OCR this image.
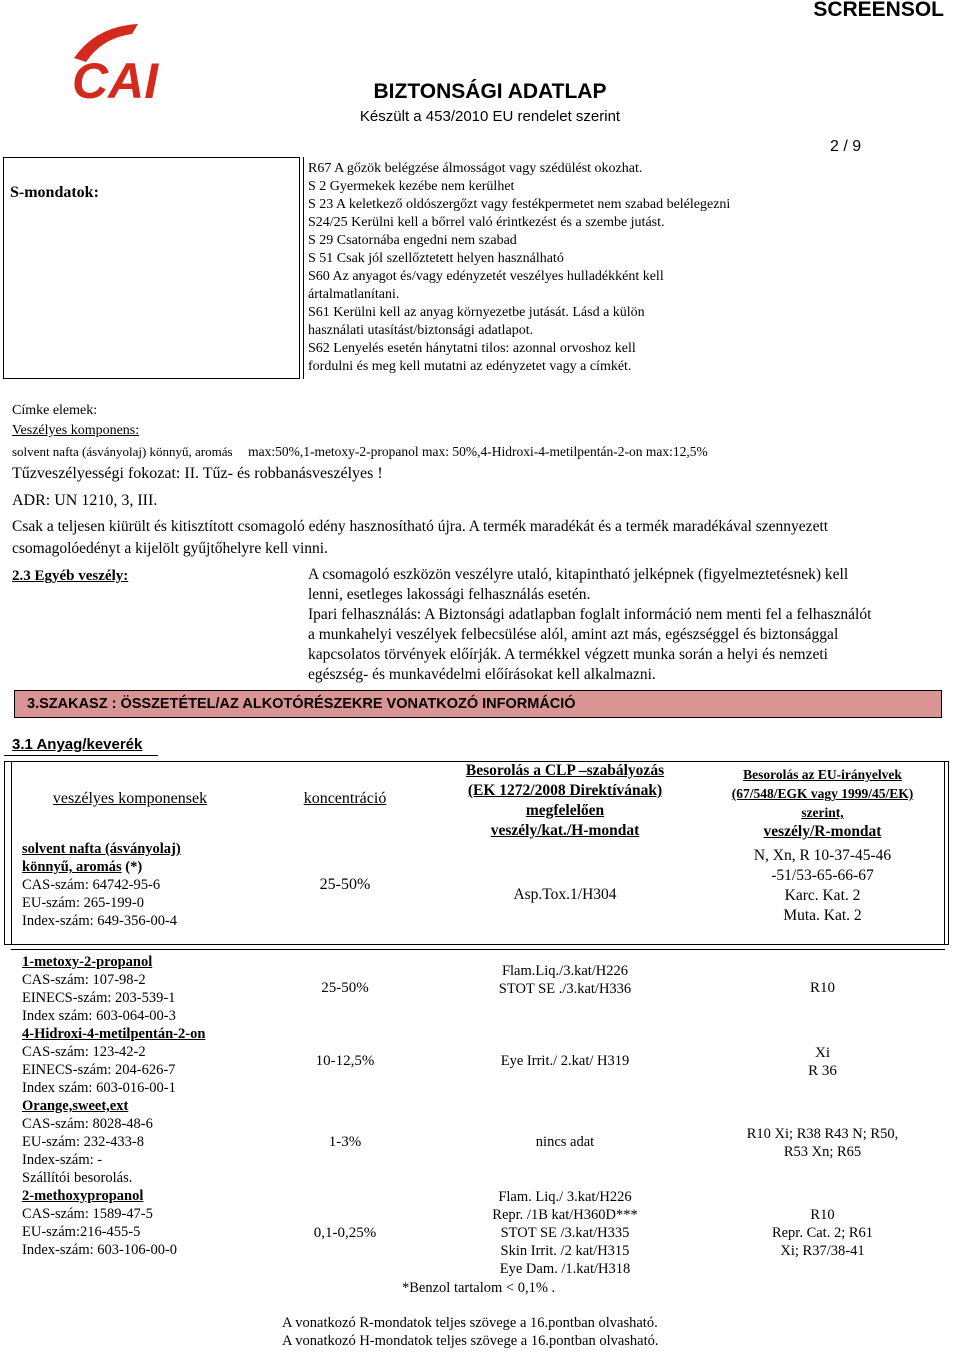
CAI
SCREENSOL
BIZTONSÁGI ADATLAP
Készült a 453/2010 EU rendelet szerint
2 / 9
S-mondatok:
R67 A gőzök belégzése álmosságot vagy szédülést okozhat.
S 2 Gyermekek kezébe nem kerülhet
S 23 A keletkező oldószergőzt vagy festékpermetet nem szabad belélegezni
S24/25 Kerülni kell a bőrrel való érintkezést és a szembe jutást.
S 29 Csatornába engedni nem szabad
S 51 Csak jól szellőztetett helyen használható
S60 Az anyagot és/vagy edényzetét veszélyes hulladékként kell
ártalmatlanítani.
S61 Kerülni kell az anyag környezetbe jutását. Lásd a külön
használati utasítást/biztonsági adatlapot.
S62 Lenyelés esetén hánytatni tilos: azonnal orvoshoz kell
fordulni és meg kell mutatni az edényzetet vagy a címkét.
Címke elemek:
Veszélyes komponens:
solvent nafta (ásványolaj) könnyű, aromás max:50%,1-metoxy-2-propanol max: 50%,4-Hidroxi-4-metilpentán-2-on max:12,5%
Tűzveszélyességi fokozat: II. Tűz- és robbanásveszélyes !
ADR: UN 1210, 3, III.
Csak a teljesen kiürült és kitisztított csomagoló edény hasznosítható újra. A termék maradékát és a termék maradékával szennyezett
csomagolóedényt a kijelölt gyűjtőhelyre kell vinni.
2.3 Egyéb veszély:	A csomagoló eszközön veszélyre utaló, kitapintható jelképnek (figyelmeztetésnek) kell
lenni, esetleges lakossági felhasználás esetén.
Ipari felhasználás: A Biztonsági adatlapban foglalt információ nem menti fel a felhasználót
a munkahelyi veszélyek felbecsülése alól, amint azt más, egészséggel és biztonsággal
kapcsolatos törvények előírják. A termékkel végzett munka során a helyi és nemzeti
egészség- és munkavédelmi előírásokat kell alkalmazni.
3.SZAKASZ : ÖSSZETÉTEL/AZ ALKOTÓRÉSZEKRE VONATKOZÓ INFORMÁCIÓ
3.1 Anyag/keverék
veszélyes komponensek	koncentráció
Besorolás a CLP –szabályozás
(EK 1272/2008 Direktívának)
megfelelően
veszély/kat./H-mondat
Besorolás az EU-irányelvek
(67/548/EGK vagy 1999/45/EK)
szerint,
veszély/R-mondat
solvent nafta (ásványolaj)
könnyű, aromás (*)
CAS-szám: 64742-95-6
EU-szám: 265-199-0
Index-szám: 649-356-00-4
25-50%
Asp.Tox.1/H304
N, Xn, R 10-37-45-46
-51/53-65-66-67
Karc. Kat. 2
Muta. Kat. 2
1-metoxy-2-propanol
CAS-szám: 107-98-2
EINECS-szám: 203-539-1
Index szám: 603-064-00-3
4-Hidroxi-4-metilpentán-2-on
CAS-szám: 123-42-2
EINECS-szám: 204-626-7
Index szám: 603-016-00-1
Orange,sweet,ext
CAS-szám: 8028-48-6
EU-szám: 232-433-8
Index-szám: -
Szállítói besorolás.
2-methoxypropanol
CAS-szám: 1589-47-5
EU-szám:216-455-5
Index-szám: 603-106-00-0
25-50%
10-12,5%
1-3%
0,1-0,25%
Flam.Liq./3.kat/H226
STOT SE ./3.kat/H336
Eye Irrit./ 2.kat/ H319
nincs adat
Flam. Liq./ 3.kat/H226
Repr. /1B kat/H360D***
STOT SE /3.kat/H335
Skin Irrit. /2 kat/H315
Eye Dam. /1.kat/H318
R10
Xi
R 36
R10 Xi; R38 R43 N; R50,
R53 Xn; R65
R10
Repr. Cat. 2; R61
Xi; R37/38-41
*Benzol tartalom < 0,1% .
A vonatkozó R-mondatok teljes szövege a 16.pontban olvasható.
A vonatkozó H-mondatok teljes szövege a 16.pontban olvasható.
